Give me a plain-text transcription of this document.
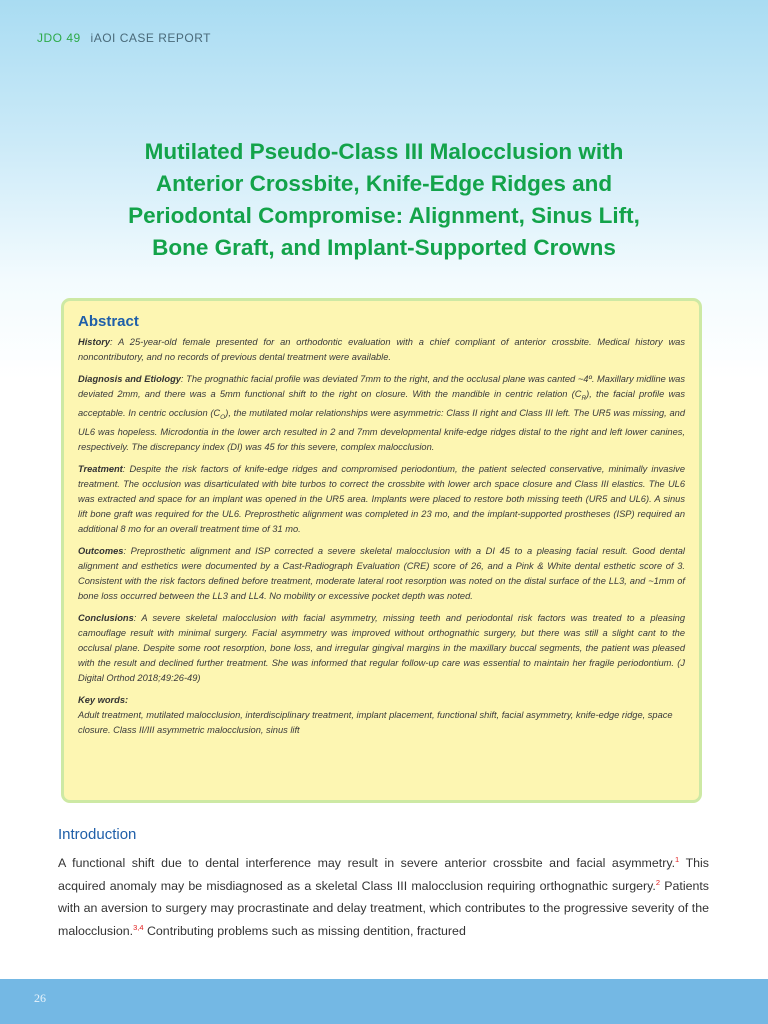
JDO 49 iAOI CASE REPORT
Mutilated Pseudo-Class III Malocclusion with
Anterior Crossbite, Knife-Edge Ridges and
Periodontal Compromise: Alignment, Sinus Lift,
Bone Graft, and Implant-Supported Crowns
Abstract
History: A 25-year-old female presented for an orthodontic evaluation with a chief compliant of anterior crossbite. Medical history was noncontributory, and no records of previous dental treatment were available.
Diagnosis and Etiology: The prognathic facial profile was deviated 7mm to the right, and the occlusal plane was canted ~4º. Maxillary midline was deviated 2mm, and there was a 5mm functional shift to the right on closure. With the mandible in centric relation $(C_R)$, the facial profile was acceptable. In centric occlusion $(C_O)$, the mutilated molar relationships were asymmetric: Class II right and Class III left. The UR5 was missing, and UL6 was hopeless. Microdontia in the lower arch resulted in 2 and 7mm developmental knife-edge ridges distal to the right and left lower canines, respectively. The discrepancy index (DI) was 45 for this severe, complex malocclusion.
Treatment: Despite the risk factors of knife-edge ridges and compromised periodontium, the patient selected conservative, minimally invasive treatment. The occlusion was disarticulated with bite turbos to correct the crossbite with lower arch space closure and Class III elastics. The UL6 was extracted and space for an implant was opened in the UR5 area. Implants were placed to restore both missing teeth (UR5 and UL6). A sinus lift bone graft was required for the UL6. Preprosthetic alignment was completed in 23 mo, and the implant-supported prostheses (ISP) required an additional 8 mo for an overall treatment time of 31 mo.
Outcomes: Preprosthetic alignment and ISP corrected a severe skeletal malocclusion with a DI 45 to a pleasing facial result. Good dental alignment and esthetics were documented by a Cast-Radiograph Evaluation (CRE) score of 26, and a Pink & White dental esthetic score of 3. Consistent with the risk factors defined before treatment, moderate lateral root resorption was noted on the distal surface of the LL3, and ~1mm of bone loss occurred between the LL3 and LL4. No mobility or excessive pocket depth was noted.
Conclusions: A severe skeletal malocclusion with facial asymmetry, missing teeth and periodontal risk factors was treated to a pleasing camouflage result with minimal surgery. Facial asymmetry was improved without orthognathic surgery, but there was still a slight cant to the occlusal plane. Despite some root resorption, bone loss, and irregular gingival margins in the maxillary buccal segments, the patient was pleased with the result and declined further treatment. She was informed that regular follow-up care was essential to maintain her fragile periodontium. (J Digital Orthod 2018;49:26-49)
Key words:
Adult treatment, mutilated malocclusion, interdisciplinary treatment, implant placement, functional shift, facial asymmetry, knife-edge ridge, space closure. Class II/III asymmetric malocclusion, sinus lift
Introduction
A functional shift due to dental interference may result in severe anterior crossbite and facial asymmetry.$^1$ This acquired anomaly may be misdiagnosed as a skeletal Class III malocclusion requiring orthognathic surgery.$^2$ Patients with an aversion to surgery may procrastinate and delay treatment, which contributes to the progressive severity of the malocclusion.$^{3,4}$ Contributing problems such as missing dentition, fractured
26
